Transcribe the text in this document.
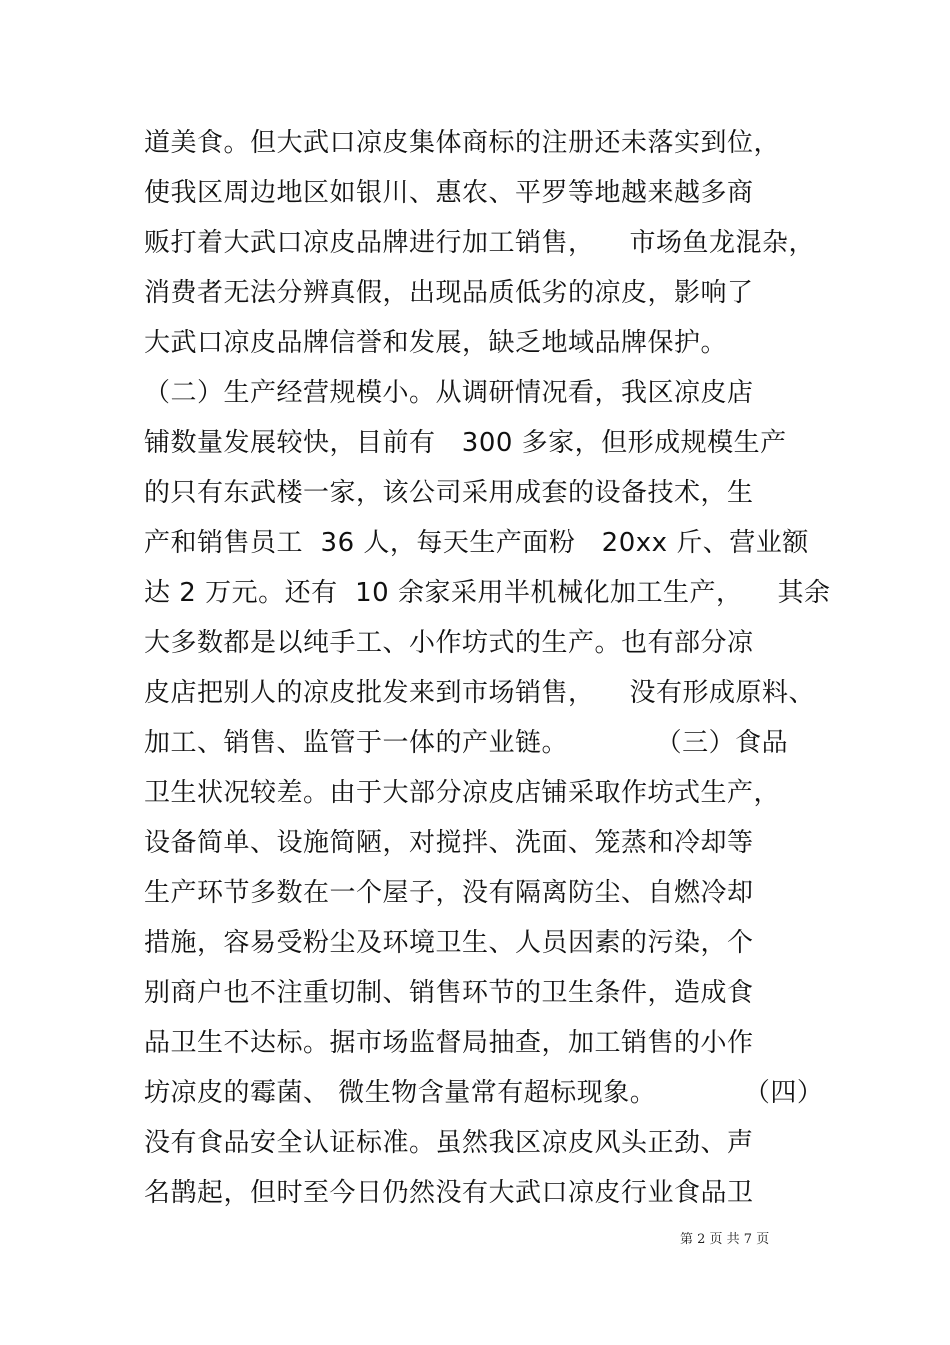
道美食。但大武口凉皮集体商标的注册还未落实到位，
使我区周边地区如银川、惠农、平罗等地越来越多商
贩打着大武口凉皮品牌进行加工销售，    市场鱼龙混杂，
消费者无法分辨真假，出现品质低劣的凉皮，影响了
大武口凉皮品牌信誉和发展，缺乏地域品牌保护。
（二）生产经营规模小。从调研情况看，我区凉皮店
铺数量发展较快，目前有   300 多家，但形成规模生产
的只有东武楼一家，该公司采用成套的设备技术，生
产和销售员工  36 人，每天生产面粉   20xx 斤、营业额
达 2 万元。还有  10 余家采用半机械化加工生产，    其余
大多数都是以纯手工、小作坊式的生产。也有部分凉
皮店把别人的凉皮批发来到市场销售，    没有形成原料、
加工、销售、监管于一体的产业链。          （三）食品
卫生状况较差。由于大部分凉皮店铺采取作坊式生产，
设备简单、设施简陋，对搅拌、洗面、笼蒸和冷却等
生产环节多数在一个屋子，没有隔离防尘、自燃冷却
措施，容易受粉尘及环境卫生、人员因素的污染，个
别商户也不注重切制、销售环节的卫生条件，造成食
品卫生不达标。据市场监督局抽查，加工销售的小作
坊凉皮的霉菌、 微生物含量常有超标现象。          （四）
没有食品安全认证标准。虽然我区凉皮风头正劲、声
名鹊起，但时至今日仍然没有大武口凉皮行业食品卫
第 2 页 共 7 页
